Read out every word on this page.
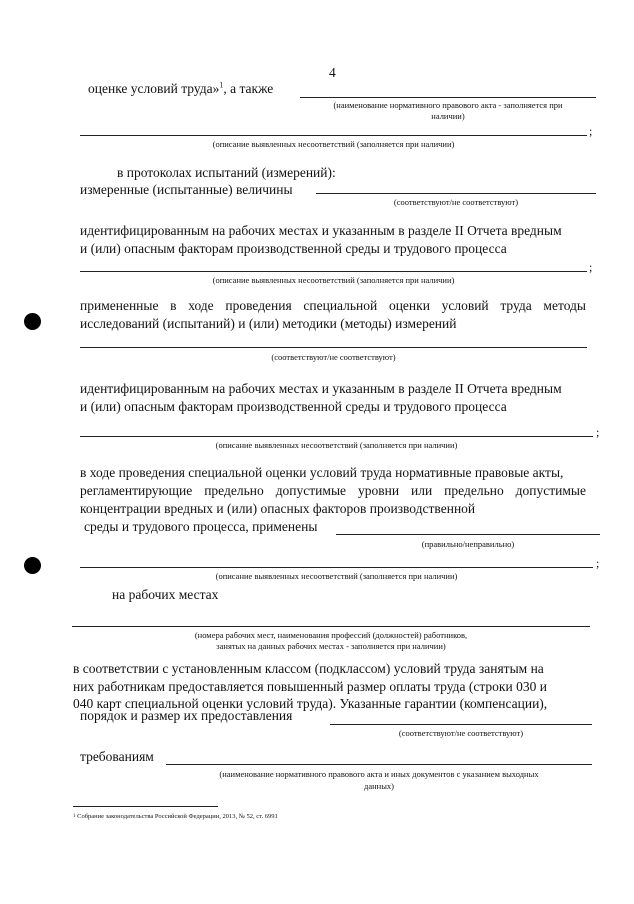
4
оценке условий труда»$^1$, а также
(наименование нормативного правового акта - заполняется при
наличии)
;
(описание выявленных несоответствий (заполняется при наличии)
в протоколах испытаний (измерений):
измеренные (испытанные) величины
(соответствуют/не соответствуют)
идентифицированным на рабочих местах и указанным в разделе II Отчета вредным
и (или) опасным факторам производственной среды и трудового процесса
;
(описание выявленных несоответствий (заполняется при наличии)
примененные в ходе проведения специальной оценки условий труда методы
исследований (испытаний) и (или) методики (методы) измерений
(соответствуют/не соответствуют)
идентифицированным на рабочих местах и указанным в разделе II Отчета вредным
и (или) опасным факторам производственной среды и трудового процесса
;
(описание выявленных несоответствий (заполняется при наличии)
в ходе проведения специальной оценки условий труда нормативные правовые акты,
регламентирующие предельно допустимые уровни или предельно допустимые
концентрации вредных и (или) опасных факторов производственной
среды и трудового процесса, применены
(правильно/неправильно)
;
(описание выявленных несоответствий (заполняется при наличии)
на рабочих местах
(номера рабочих мест, наименования профессий (должностей) работников,
занятых на данных рабочих местах - заполняется при наличии)
в соответствии с установленным классом (подклассом) условий труда занятым на
них работникам предоставляется повышенный размер оплаты труда (строки 030 и
040 карт специальной оценки условий труда). Указанные гарантии (компенсации),
порядок и размер их предоставления
(соответствуют/не соответствуют)
требованиям
(наименование нормативного правового акта и иных документов с указанием выходных
данных)
$^1$ Собрание законодательства Российской Федерации, 2013, № 52, ст. 6991
